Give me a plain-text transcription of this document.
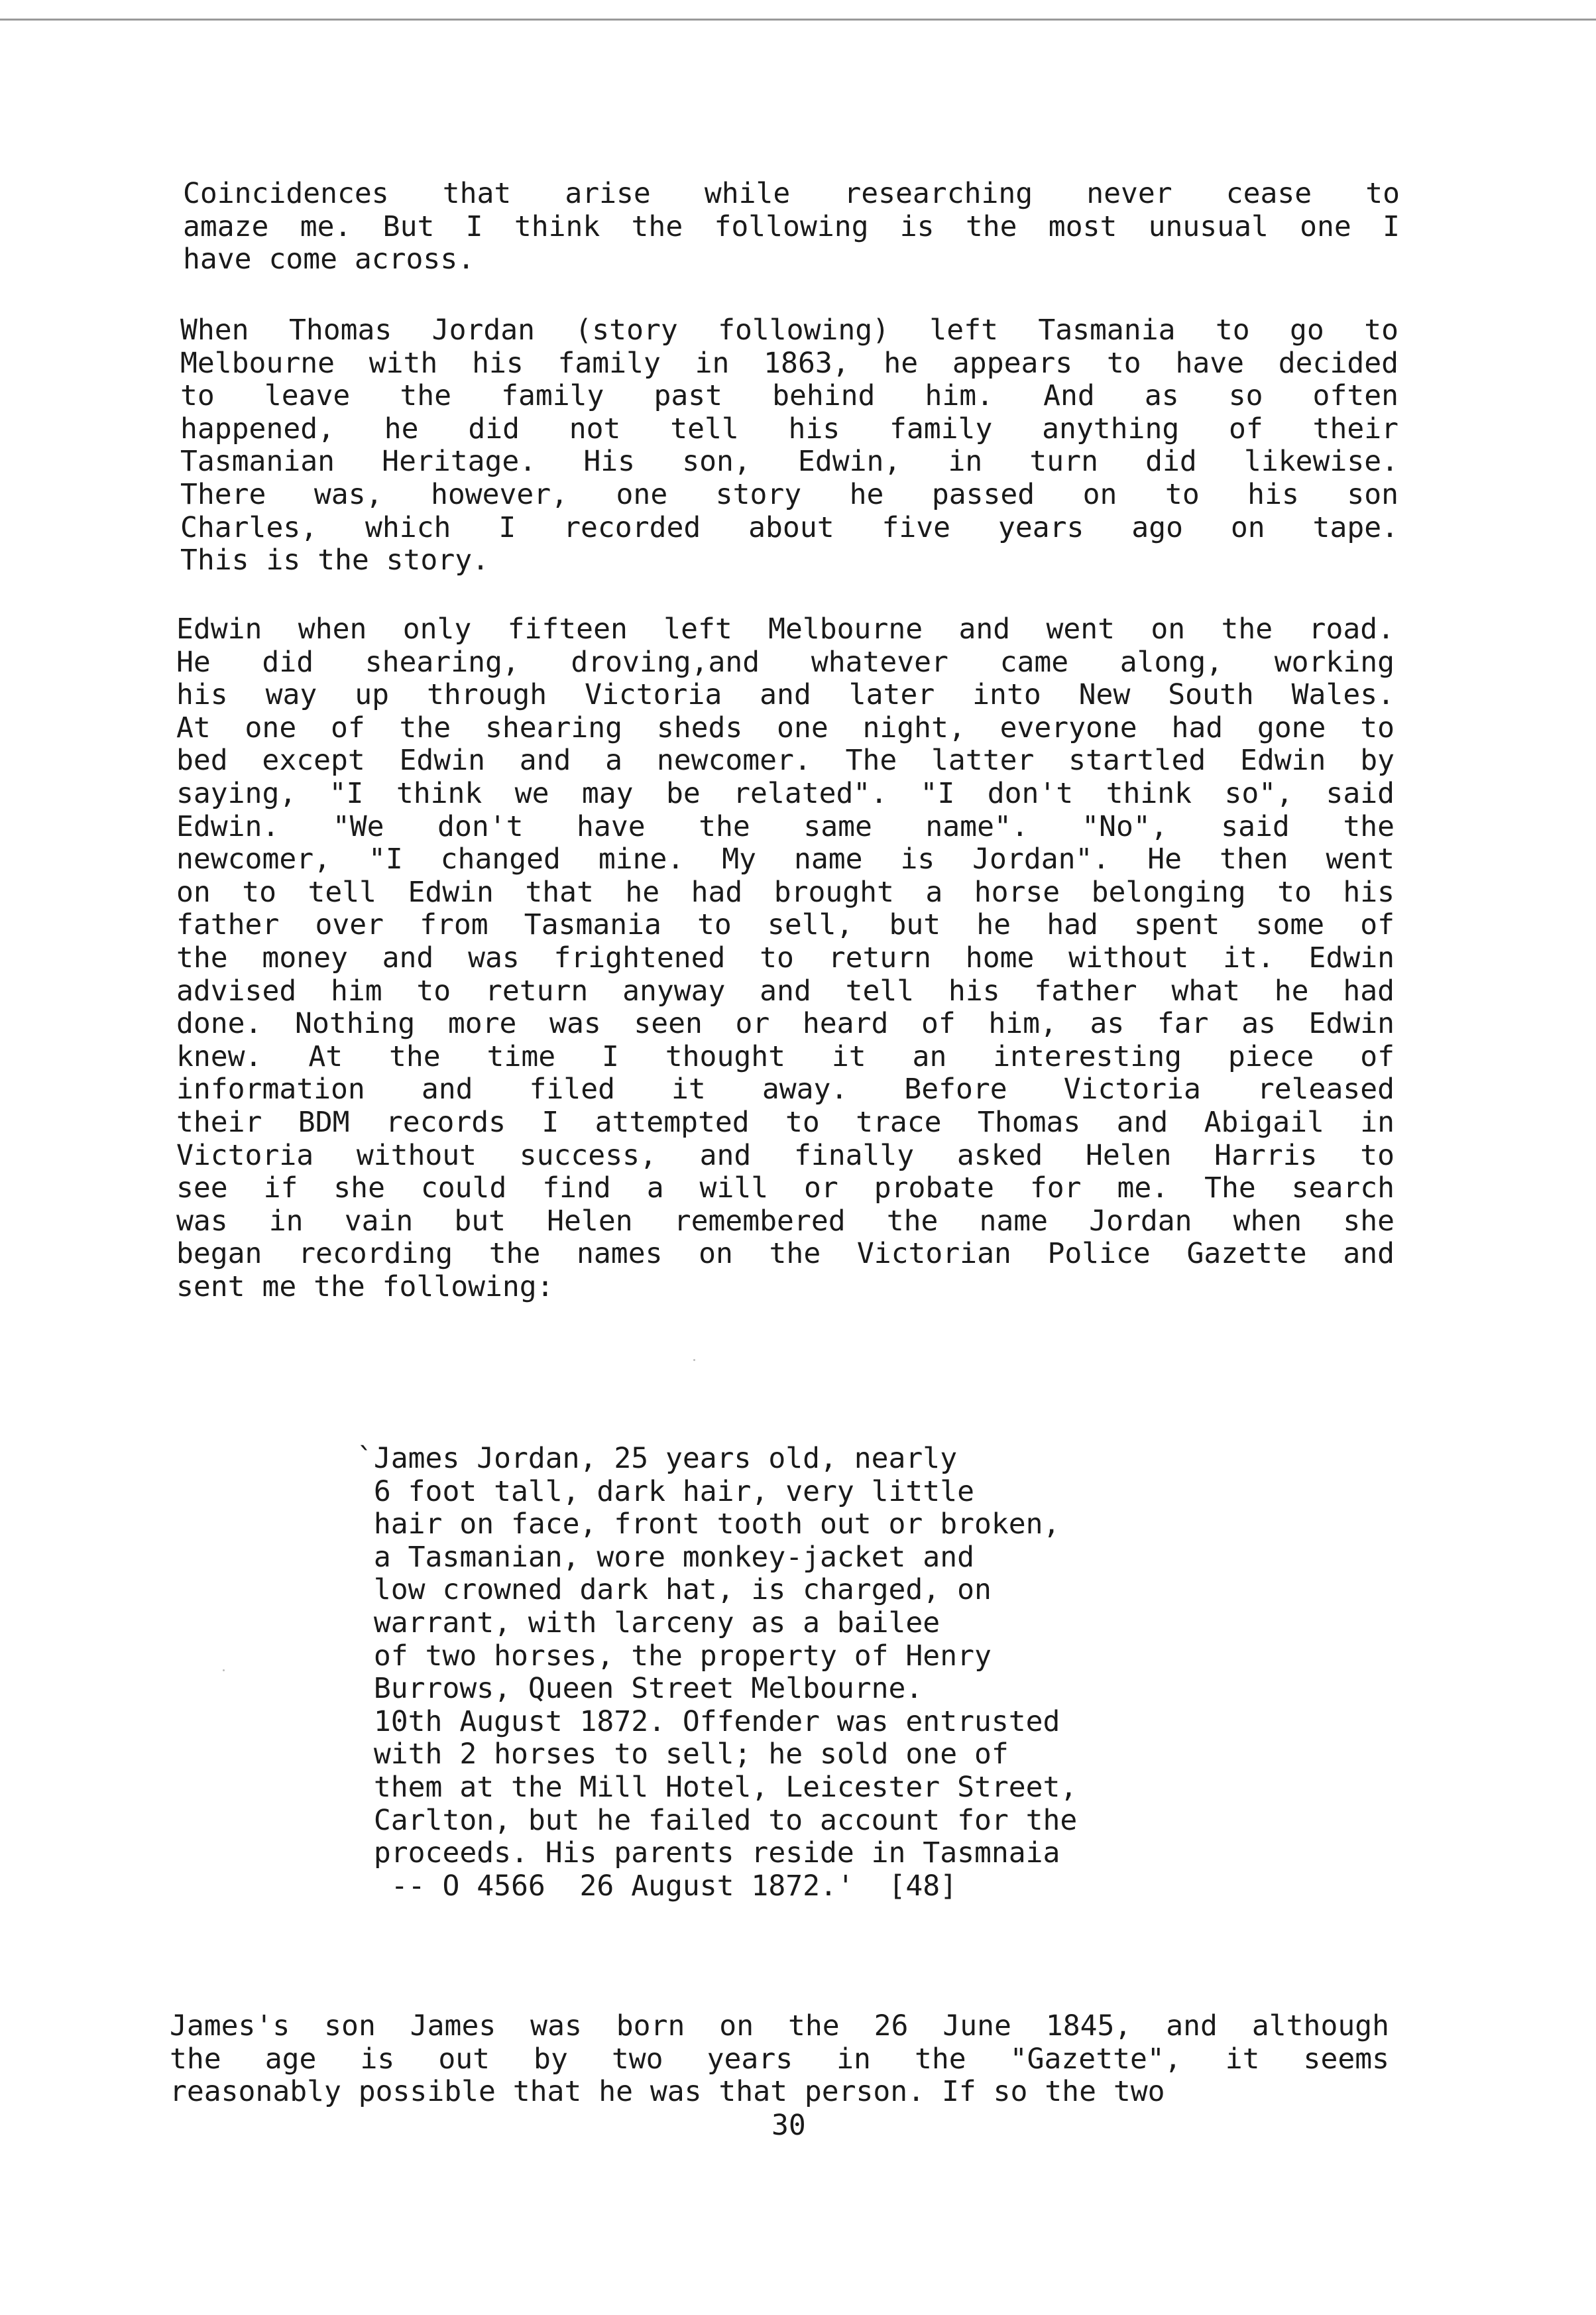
Coincidences that arise while researching never cease to
amaze me. But I think the following is the most unusual one I
have come across.
When Thomas Jordan (story following) left Tasmania to go to
Melbourne with his family in 1863, he appears to have decided
to leave the family past behind him. And as so often
happened, he did not tell his family anything of their
Tasmanian Heritage. His son, Edwin, in turn did likewise.
There was, however, one story he passed on to his son
Charles, which I recorded about five years ago on tape.
This is the story.
Edwin when only fifteen left Melbourne and went on the road.
He did shearing, droving,and whatever came along, working
his way up through Victoria and later into New South Wales.
At one of the shearing sheds one night, everyone had gone to
bed except Edwin and a newcomer. The latter startled Edwin by
saying, "I think we may be related". "I don't think so", said
Edwin. "We don't have the same name". "No", said the
newcomer, "I changed mine. My name is Jordan". He then went
on to tell Edwin that he had brought a horse belonging to his
father over from Tasmania to sell, but he had spent some of
the money and was frightened to return home without it. Edwin
advised him to return anyway and tell his father what he had
done. Nothing more was seen or heard of him, as far as Edwin
knew. At the time I thought it an interesting piece of
information and filed it away. Before Victoria released
their BDM records I attempted to trace Thomas and Abigail in
Victoria without success, and finally asked Helen Harris to
see if she could find a will or probate for me. The search
was in vain but Helen remembered the name Jordan when she
began recording the names on the Victorian Police Gazette and
sent me the following:
`James Jordan, 25 years old, nearly
6 foot tall, dark hair, very little
hair on face, front tooth out or broken,
a Tasmanian, wore monkey-jacket and
low crowned dark hat, is charged, on
warrant, with larceny as a bailee
of two horses, the property of Henry
Burrows, Queen Street Melbourne.
10th August 1872. Offender was entrusted
with 2 horses to sell; he sold one of
them at the Mill Hotel, Leicester Street,
Carlton, but he failed to account for the
proceeds. His parents reside in Tasmnaia
-- O 4566  26 August 1872.'  [48]
James's son James was born on the 26 June 1845, and although
the age is out by two years in the "Gazette", it seems
reasonably possible that he was that person. If so the two
30
